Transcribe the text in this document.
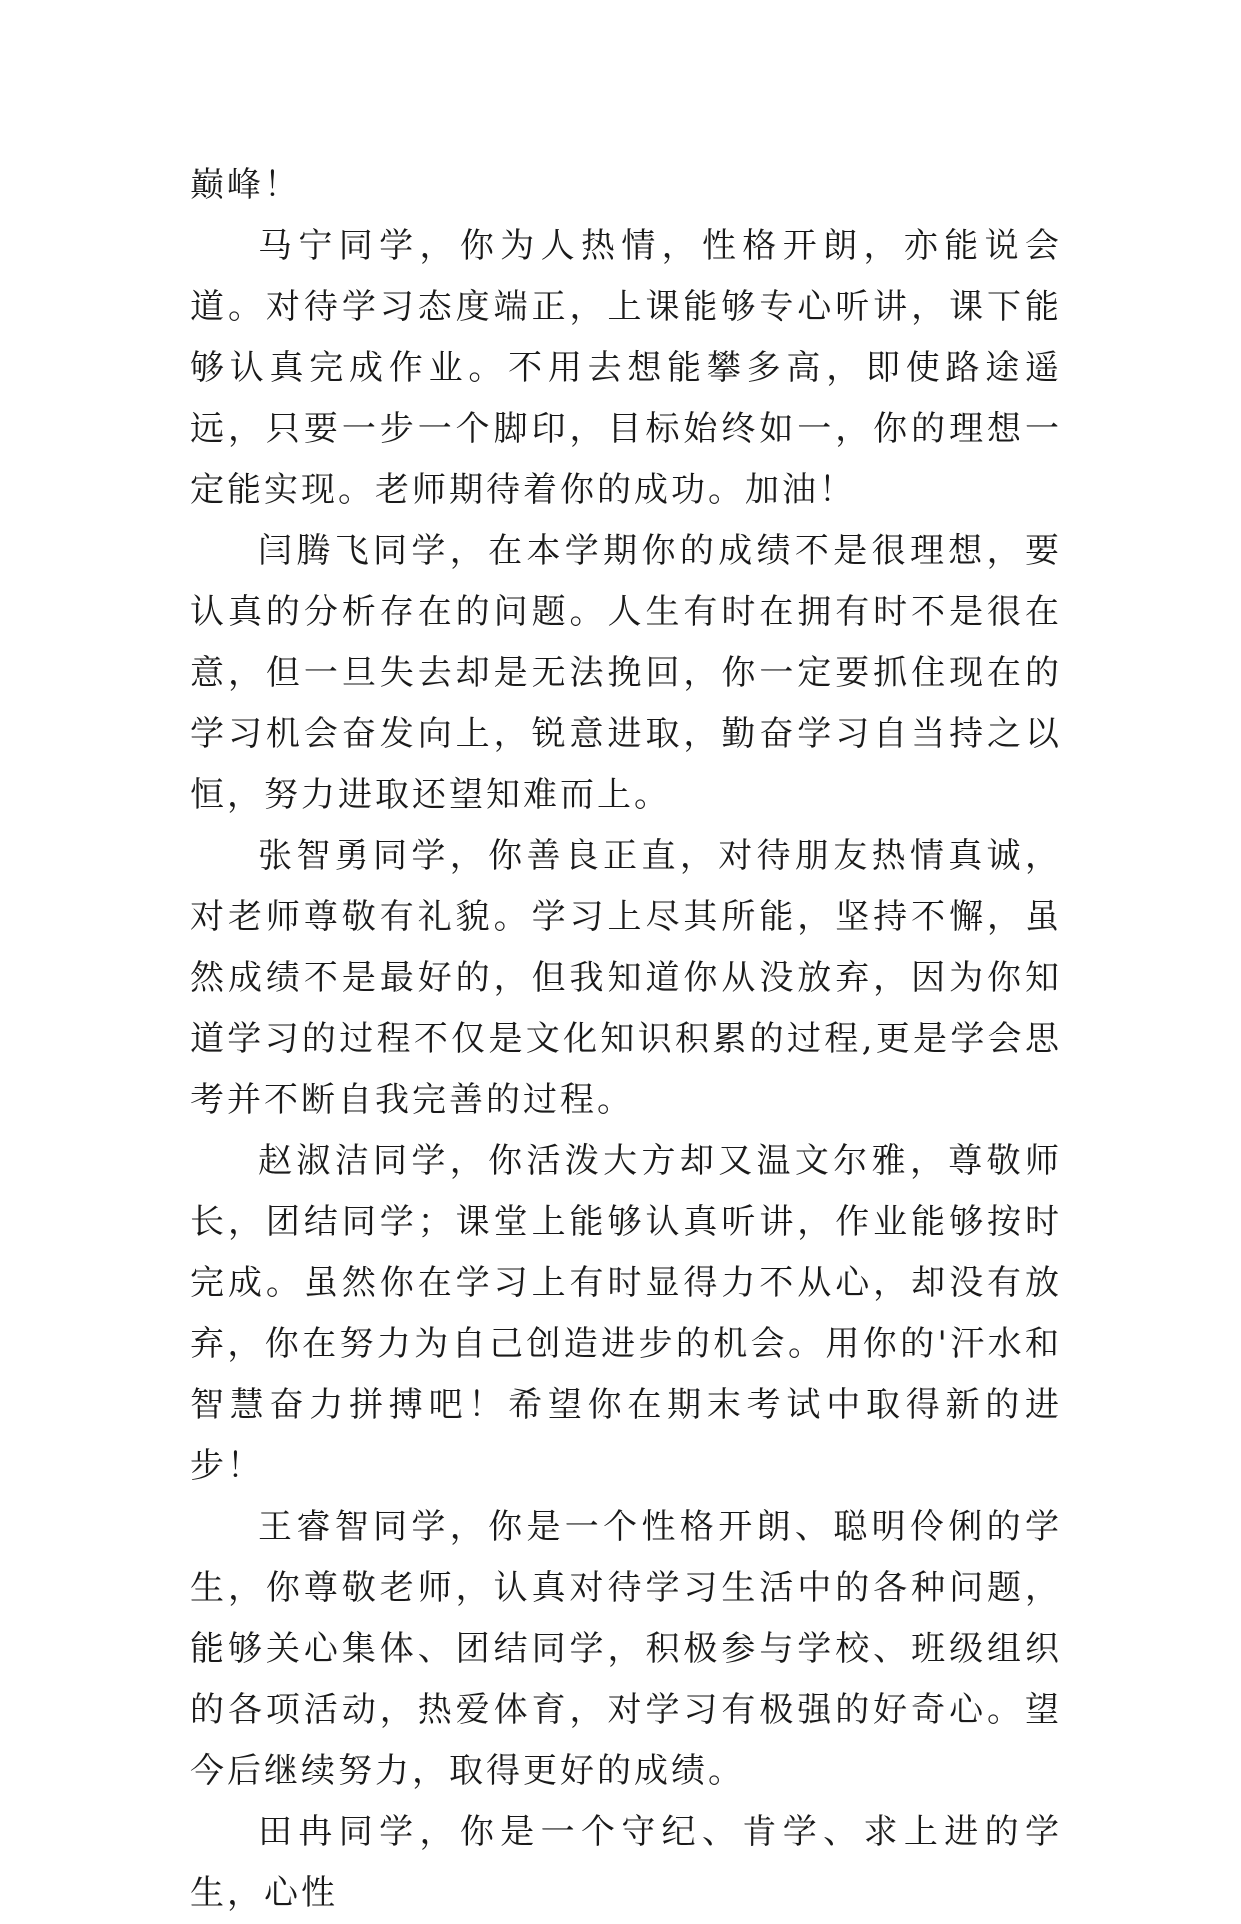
巅峰！

马宁同学，你为人热情，性格开朗，亦能说会道。对待学习态度端正，上课能够专心听讲，课下能够认真完成作业。不用去想能攀多高，即使路途遥远，只要一步一个脚印，目标始终如一，你的理想一定能实现。老师期待着你的成功。加油！

闫腾飞同学，在本学期你的成绩不是很理想，要认真的分析存在的问题。人生有时在拥有时不是很在意，但一旦失去却是无法挽回，你一定要抓住现在的学习机会奋发向上，锐意进取，勤奋学习自当持之以恒，努力进取还望知难而上。

张智勇同学，你善良正直，对待朋友热情真诚，对老师尊敬有礼貌。学习上尽其所能，坚持不懈，虽然成绩不是最好的，但我知道你从没放弃，因为你知道学习的过程不仅是文化知识积累的过程,更是学会思考并不断自我完善的过程。

赵淑洁同学，你活泼大方却又温文尔雅，尊敬师长，团结同学；课堂上能够认真听讲，作业能够按时完成。虽然你在学习上有时显得力不从心，却没有放弃，你在努力为自己创造进步的机会。用你的'汗水和智慧奋力拼搏吧！希望你在期末考试中取得新的进步！

王睿智同学，你是一个性格开朗、聪明伶俐的学生，你尊敬老师，认真对待学习生活中的各种问题，能够关心集体、团结同学，积极参与学校、班级组织的各项活动，热爱体育，对学习有极强的好奇心。望今后继续努力，取得更好的成绩。

田冉同学，你是一个守纪、肯学、求上进的学生，心性
